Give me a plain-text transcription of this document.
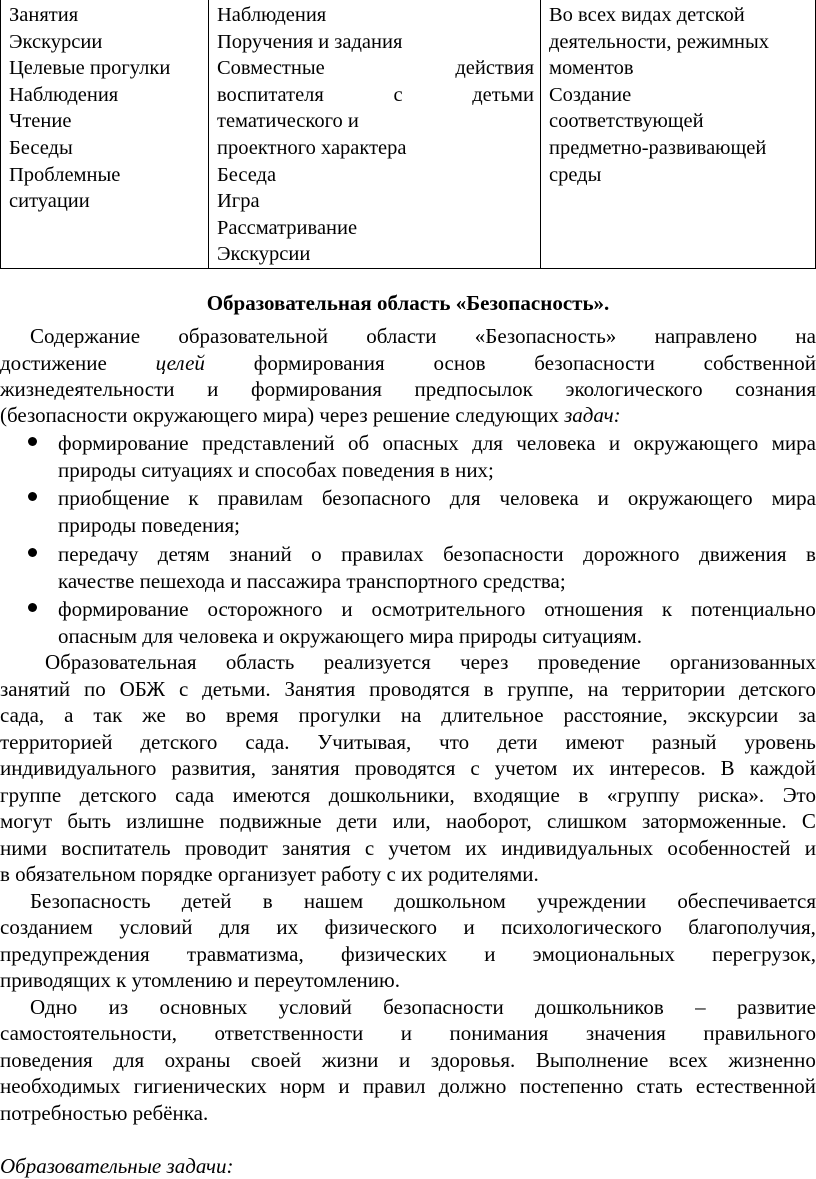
Занятия
Экскурсии
Целевые прогулки
Наблюдения
Чтение
Беседы
Проблемные
ситуации

Наблюдения
Поручения и задания
Совместные	действия
воспитателя	с	детьми
тематического и
проектного характера
Беседа
Игра
Рассматривание
Экскурсии

Во всех видах детской
деятельности, режимных
моментов
Создание
соответствующей
предметно-развивающей
среды
Образовательная область «Безопасность».
Содержание образовательной области «Безопасность» направлено на
достижение целей формирования основ безопасности собственной
жизнедеятельности и формирования предпосылок экологического сознания
(безопасности окружающего мира) через решение следующих задач:
формирование представлений об опасных для человека и окружающего мира
природы ситуациях и способах поведения в них;
приобщение к правилам безопасного для человека и окружающего мира
природы поведения;
передачу детям знаний о правилах безопасности дорожного движения в
качестве пешехода и пассажира транспортного средства;
формирование осторожного и осмотрительного отношения к потенциально
опасным для человека и окружающего мира природы ситуациям.
Образовательная область реализуется через проведение организованных
занятий по ОБЖ с детьми. Занятия проводятся в группе, на территории детского
сада, а так же во время прогулки на длительное расстояние, экскурсии за
территорией детского сада. Учитывая, что дети имеют разный уровень
индивидуального развития, занятия проводятся с учетом их интересов. В каждой
группе детского сада имеются дошкольники, входящие в «группу риска». Это
могут быть излишне подвижные дети или, наоборот, слишком заторможенные. С
ними воспитатель проводит занятия с учетом их индивидуальных особенностей и
в обязательном порядке организует работу с их родителями.
Безопасность детей в нашем дошкольном учреждении обеспечивается
созданием условий для их физического и психологического благополучия,
предупреждения травматизма, физических и эмоциональных перегрузок,
приводящих к утомлению и переутомлению.
Одно из основных условий безопасности дошкольников – развитие
самостоятельности, ответственности и понимания значения правильного
поведения для охраны своей жизни и здоровья. Выполнение всех жизненно
необходимых гигиенических норм и правил должно постепенно стать естественной
потребностью ребёнка.
Образовательные задачи:
